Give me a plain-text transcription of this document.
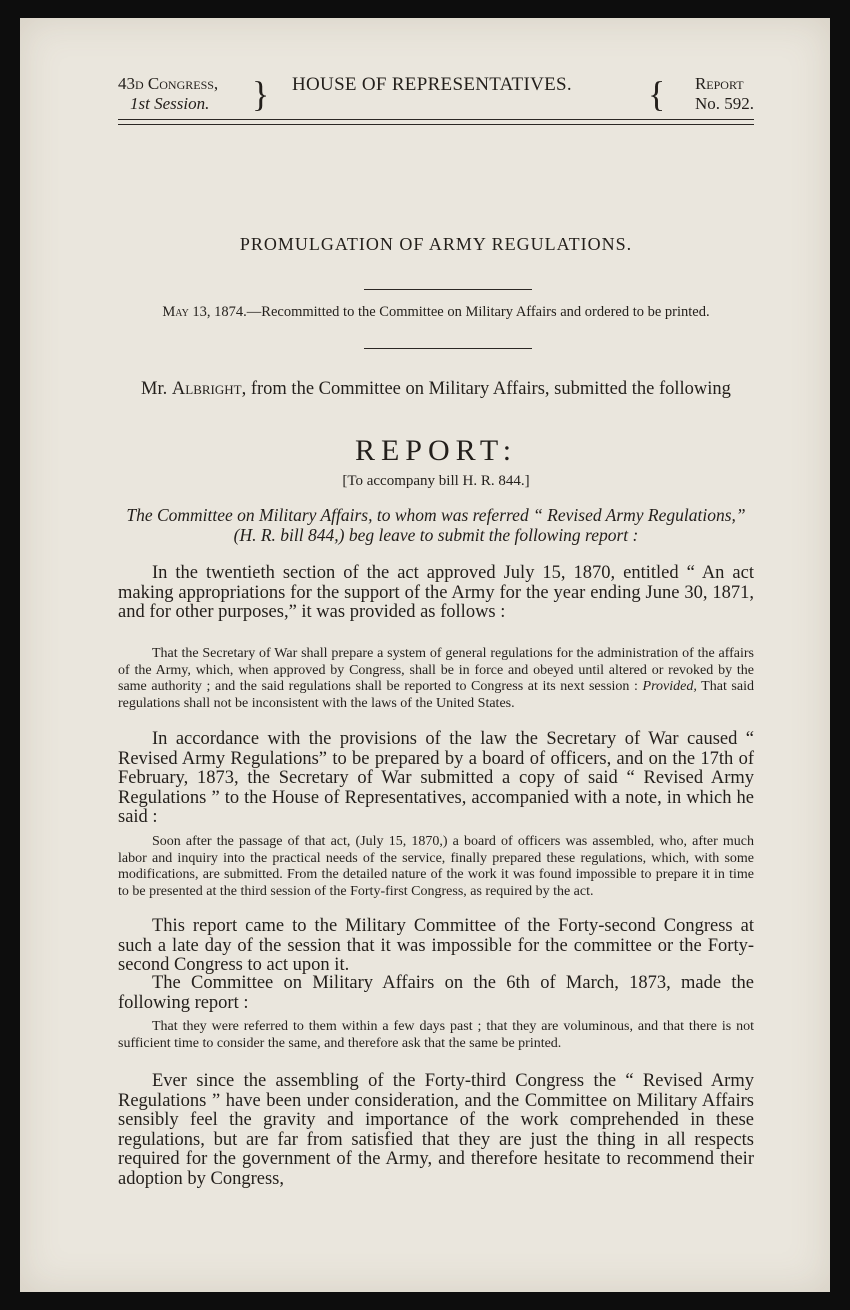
43d Congress,
1st Session. } HOUSE OF REPRESENTATIVES. { Report
No. 592.
PROMULGATION OF ARMY REGULATIONS.
May 13, 1874.—Recommitted to the Committee on Military Affairs and ordered to be printed.
Mr. Albright, from the Committee on Military Affairs, submitted the following
REPORT:
[To accompany bill H. R. 844.]
The Committee on Military Affairs, to whom was referred “ Revised Army Regulations,” (H. R. bill 844,) beg leave to submit the following report :
In the twentieth section of the act approved July 15, 1870, entitled “ An act making appropriations for the support of the Army for the year ending June 30, 1871, and for other purposes,” it was provided as follows :
That the Secretary of War shall prepare a system of general regulations for the administration of the affairs of the Army, which, when approved by Congress, shall be in force and obeyed until altered or revoked by the same authority ; and the said regulations shall be reported to Congress at its next session : Provided, That said regulations shall not be inconsistent with the laws of the United States.
In accordance with the provisions of the law the Secretary of War caused “ Revised Army Regulations” to be prepared by a board of officers, and on the 17th of February, 1873, the Secretary of War submitted a copy of said “ Revised Army Regulations ” to the House of Representatives, accompanied with a note, in which he said :
Soon after the passage of that act, (July 15, 1870,) a board of officers was assembled, who, after much labor and inquiry into the practical needs of the service, finally prepared these regulations, which, with some modifications, are submitted. From the detailed nature of the work it was found impossible to prepare it in time to be presented at the third session of the Forty-first Congress, as required by the act.
This report came to the Military Committee of the Forty-second Congress at such a late day of the session that it was impossible for the committee or the Forty-second Congress to act upon it.
The Committee on Military Affairs on the 6th of March, 1873, made the following report :
That they were referred to them within a few days past ; that they are voluminous, and that there is not sufficient time to consider the same, and therefore ask that the same be printed.
Ever since the assembling of the Forty-third Congress the “ Revised Army Regulations ” have been under consideration, and the Committee on Military Affairs sensibly feel the gravity and importance of the work comprehended in these regulations, but are far from satisfied that they are just the thing in all respects required for the government of the Army, and therefore hesitate to recommend their adoption by Congress,
